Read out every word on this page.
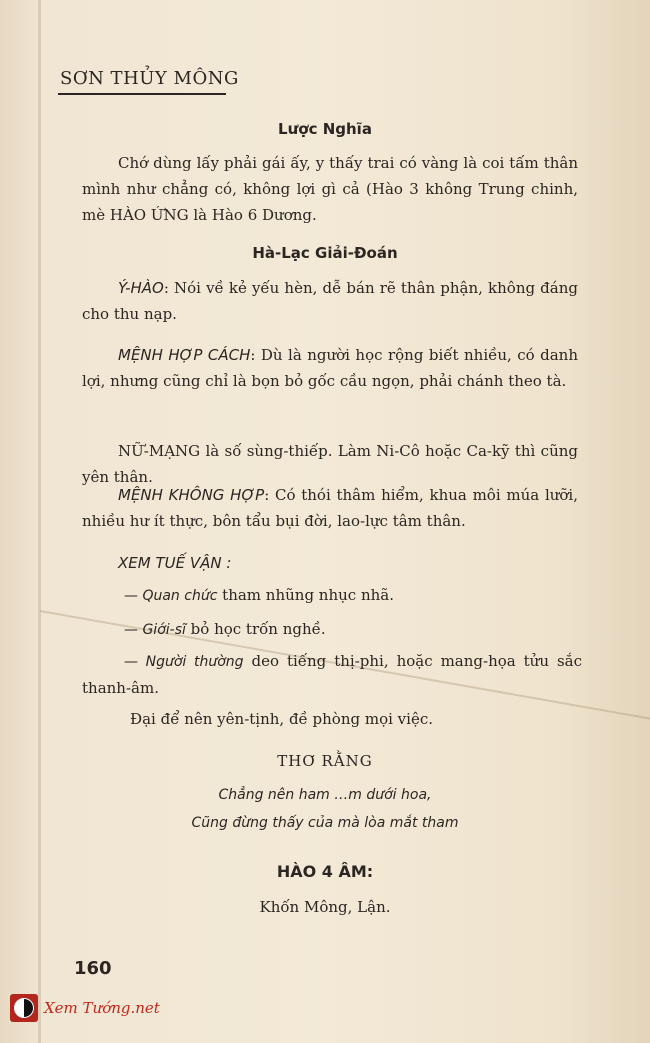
SƠN THỦY MÔNG
Lược Nghĩa
Chớ dùng lấy phải gái ấy, y thấy trai có vàng là coi tấm thân mình như chẳng có, không lợi gì cả (Hào 3 không Trung chinh, mè HÀO ỨNG là Hào 6 Dương.
Hà-Lạc Giải-Đoán
Ý-HÀO: Nói về kẻ yếu hèn, dễ bán rẽ thân phận, không đáng cho thu nạp.
MỆNH HỢP CÁCH: Dù là người học rộng biết nhiều, có danh lợi, nhưng cũng chỉ là bọn bỏ gốc cầu ngọn, phải chánh theo tà.
NỮ-MẠNG là số sùng-thiếp. Làm Ni-Cô hoặc Ca-kỹ thì cũng yên thân.
MỆNH KHÔNG HỢP: Có thói thâm hiểm, khua môi múa lưỡi, nhiều hư ít thực, bôn tẩu bụi đời, lao-lực tâm thân.
XEM TUẾ VẬN :
— Quan chức tham nhũng nhục nhã.
— Giới-sĩ bỏ học trốn nghề.
— Người thường deo tiếng thị-phi, hoặc mang-họa tửu sắc thanh-âm.
Đại để nên yên-tịnh, đề phòng mọi việc.
THƠ RẰNG
Chẳng nên ham …m dưới hoa,
Cũng đừng thấy của mà lòa mắt tham
HÀO 4 ÂM:
Khốn Mông, Lận.
160
Xem Tướng.net
